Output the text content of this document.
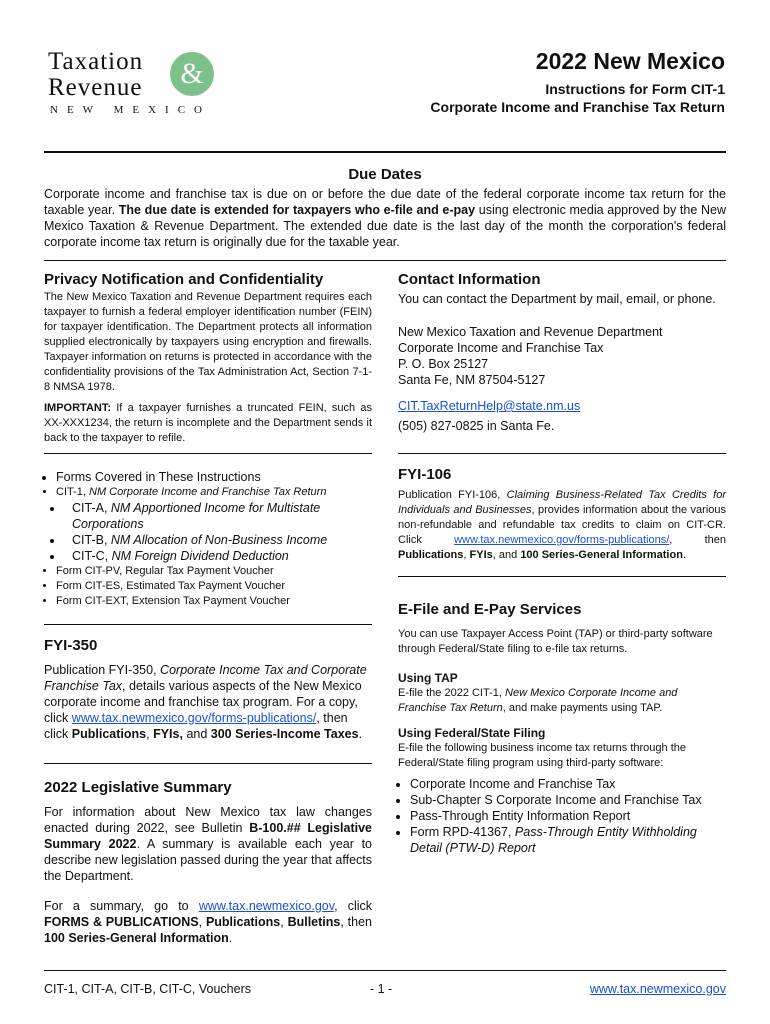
Taxation	&
Revenue
NEW MEXICO
2022 New Mexico
Instructions for Form CIT-1
Corporate Income and Franchise Tax Return
Due Dates
Corporate income and franchise tax is due on or before the due date of the federal corporate income tax return for the taxable year. The due date is extended for taxpayers who e-file and e-pay using electronic media approved by the New Mexico Taxation & Revenue Department. The extended due date is the last day of the month the corporation's federal corporate income tax return is originally due for the taxable year.
Privacy Notification and Confidentiality
The New Mexico Taxation and Revenue Department requires each taxpayer to furnish a federal employer identification number (FEIN) for taxpayer identification. The Department protects all information supplied electronically by taxpayers using encryption and firewalls. Taxpayer information on returns is protected in accordance with the confidentiality provisions of the Tax Administration Act, Section 7-1-8 NMSA 1978.
IMPORTANT: If a taxpayer furnishes a truncated FEIN, such as XX-XXX1234, the return is incomplete and the Department sends it back to the taxpayer to refile.
Contact Information
You can contact the Department by mail, email, or phone.
New Mexico Taxation and Revenue Department
Corporate Income and Franchise Tax
P. O. Box 25127
Santa Fe, NM 87504-5127
CIT.TaxReturnHelp@state.nm.us
(505) 827-0825 in Santa Fe.
• Forms Covered in These Instructions
• CIT-1, NM Corporate Income and Franchise Tax Return
• CIT-A, NM Apportioned Income for Multistate Corporations
• CIT-B, NM Allocation of Non-Business Income
• CIT-C, NM Foreign Dividend Deduction
• Form CIT-PV, Regular Tax Payment Voucher
• Form CIT-ES, Estimated Tax Payment Voucher
• Form CIT-EXT, Extension Tax Payment Voucher
FYI-106
Publication FYI-106, Claiming Business-Related Tax Credits for Individuals and Businesses, provides information about the various non-refundable and refundable tax credits to claim on CIT-CR. Click	www.tax.newmexico.gov/forms-publications/, then Publications, FYIs, and 100 Series-General Information.
E-File and E-Pay Services
You can use Taxpayer Access Point (TAP) or third-party software through Federal/State filing to e-file tax returns.
Using TAP
E-file the 2022 CIT-1, New Mexico Corporate Income and Franchise Tax Return, and make payments using TAP.
Using Federal/State Filing
E-file the following business income tax returns through the Federal/State filing program using third-party software:
• Corporate Income and Franchise Tax
• Sub-Chapter S Corporate Income and Franchise Tax
• Pass-Through Entity Information Report
• Form RPD-41367, Pass-Through Entity Withholding Detail (PTW-D) Report
FYI-350
Publication FYI-350, Corporate Income Tax and Corporate Franchise Tax, details various aspects of the New Mexico corporate income and franchise tax program. For a copy, click www.tax.newmexico.gov/forms-publications/, then click Publications, FYIs, and 300 Series-Income Taxes.
2022 Legislative Summary
For information about New Mexico tax law changes enacted during 2022, see Bulletin B-100.## Legislative Summary 2022. A summary is available each year to describe new legislation passed during the year that affects the Department.
For a summary, go to www.tax.newmexico.gov, click FORMS & PUBLICATIONS, Publications, Bulletins, then 100 Series-General Information.
CIT-1, CIT-A, CIT-B, CIT-C, Vouchers	- 1 -	www.tax.newmexico.gov
